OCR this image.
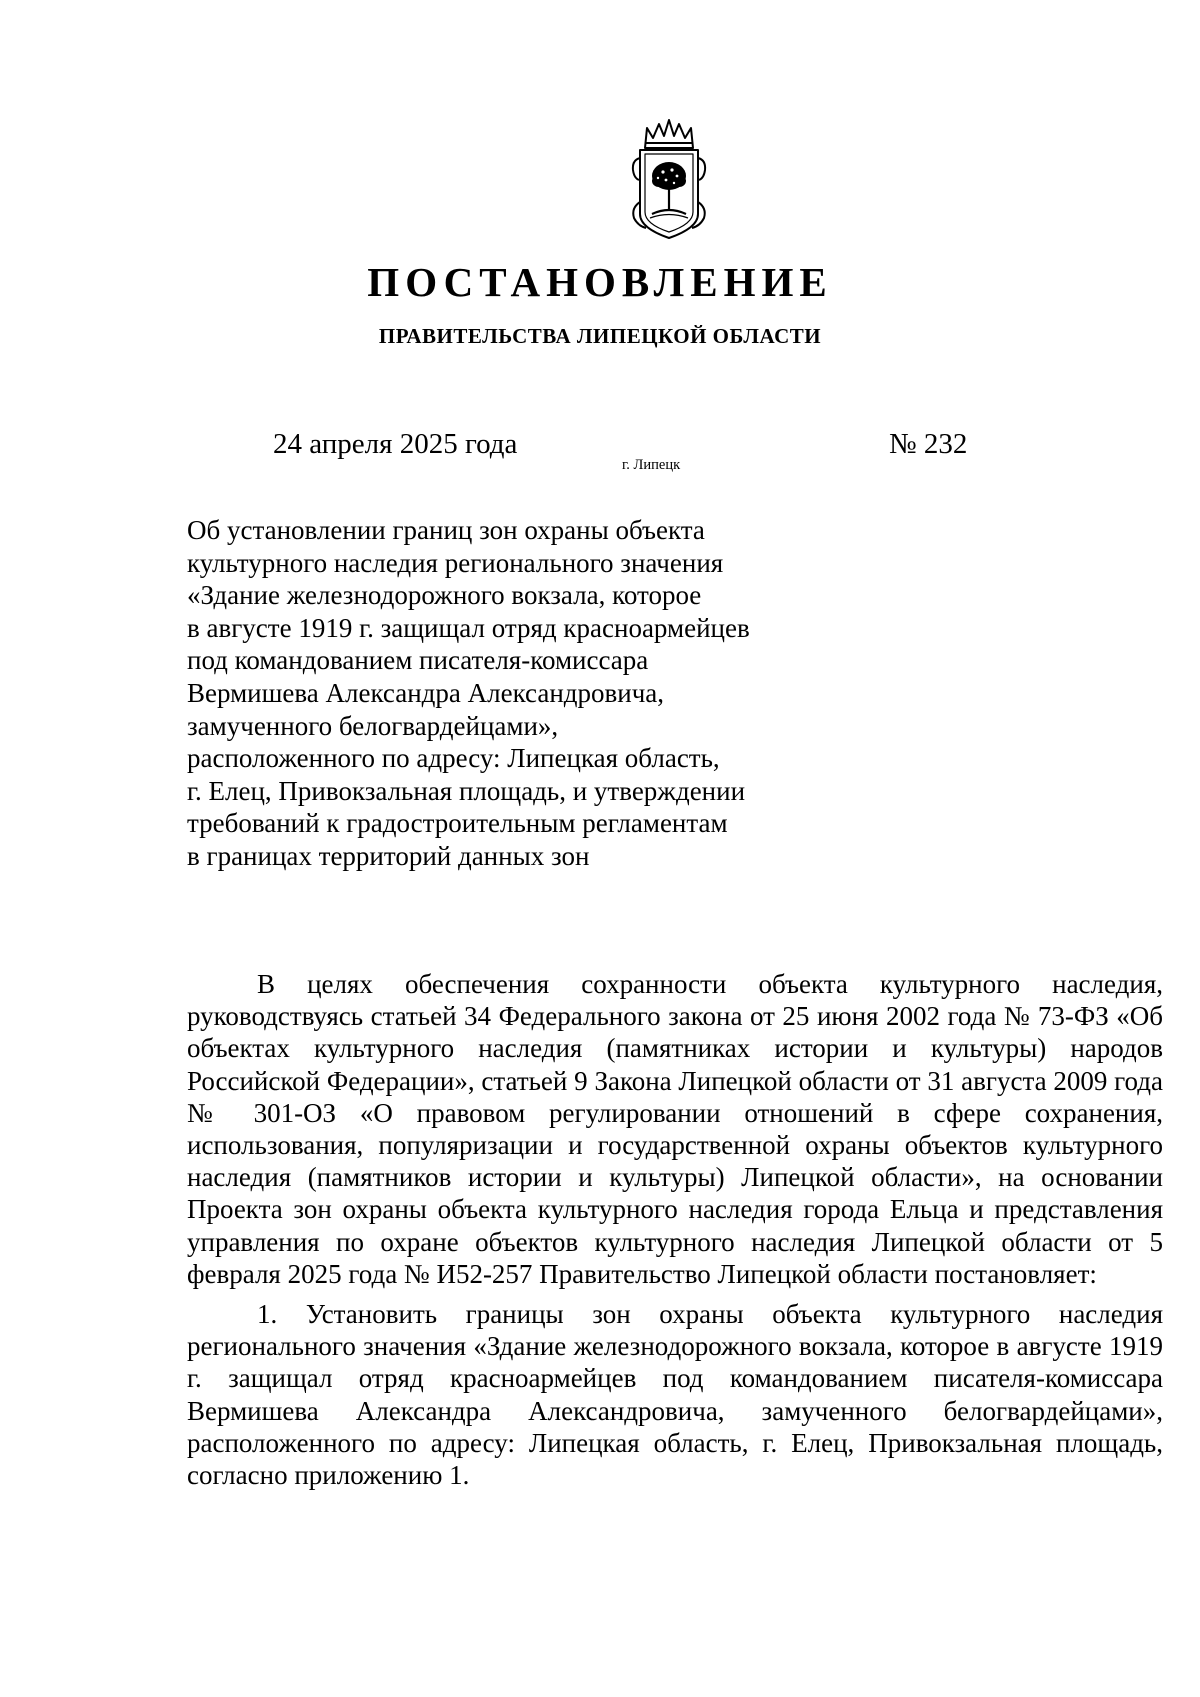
ПОСТАНОВЛЕНИЕ
ПРАВИТЕЛЬСТВА ЛИПЕЦКОЙ ОБЛАСТИ
24 апреля 2025 года
г. Липецк
№ 232
Об установлении границ зон охраны объекта
культурного наследия регионального значения
«Здание железнодорожного вокзала, которое
в августе 1919 г. защищал отряд красноармейцев
под командованием писателя-комиссара
Вермишева Александра Александровича,
замученного белогвардейцами»,
расположенного по адресу: Липецкая область,
г. Елец, Привокзальная площадь, и утверждении
требований к градостроительным регламентам
в границах территорий данных зон

В целях обеспечения сохранности объекта культурного наследия, руководствуясь статьей 34 Федерального закона от 25 июня 2002 года № 73-ФЗ «Об объектах культурного наследия (памятниках истории и культуры) народов Российской Федерации», статьей 9 Закона Липецкой области от 31 августа 2009 года № 301-ОЗ «О правовом регулировании отношений в сфере сохранения, использования, популяризации и государственной охраны объектов культурного наследия (памятников истории и культуры) Липецкой области», на основании Проекта зон охраны объекта культурного наследия города Ельца и представления управления по охране объектов культурного наследия Липецкой области от 5 февраля 2025 года № И52-257 Правительство Липецкой области постановляет:

1. Установить границы зон охраны объекта культурного наследия регионального значения «Здание железнодорожного вокзала, которое в августе 1919 г. защищал отряд красноармейцев под командованием писателя-комиссара Вермишева Александра Александровича, замученного белогвардейцами», расположенного по адресу: Липецкая область, г. Елец, Привокзальная площадь, согласно приложению 1.
